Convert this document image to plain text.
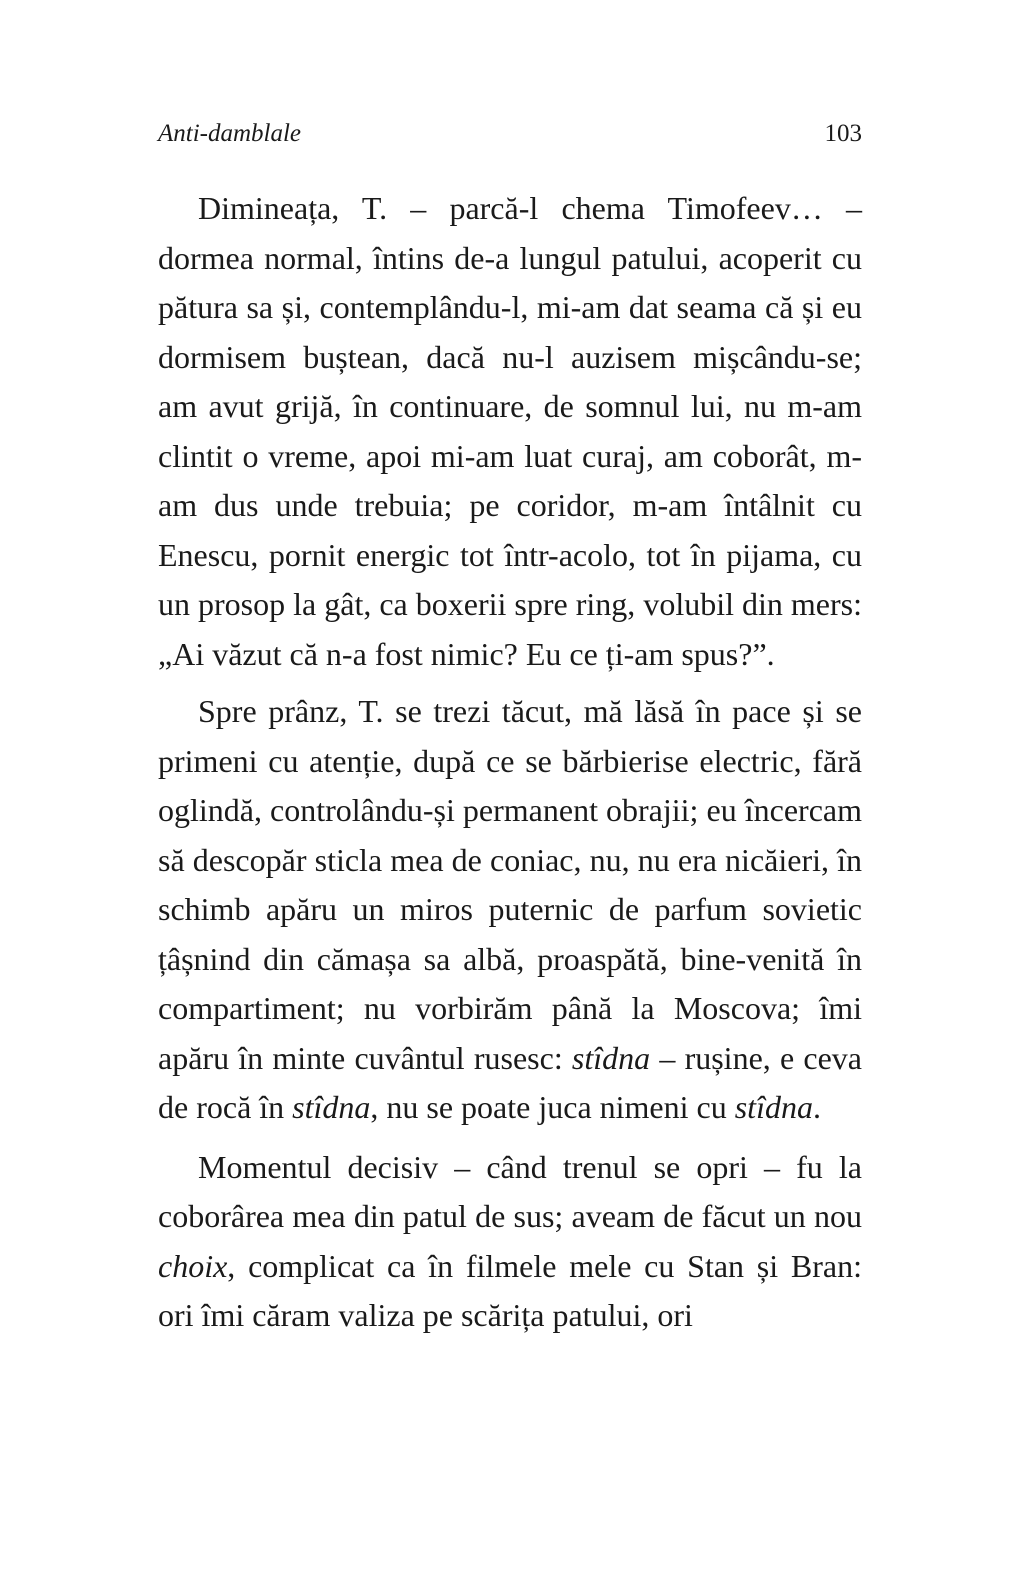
Anti-damblale	103

Dimineața, T. – parcă-l chema Timofeev… – dormea normal, întins de-a lungul patului, acoperit cu pătura sa și, contemplându-l, mi-am dat seama că și eu dormisem buștean, dacă nu-l auzisem mișcându-se; am avut grijă, în continuare, de somnul lui, nu m-am clintit o vreme, apoi mi-am luat curaj, am coborât, m-am dus unde trebuia; pe coridor, m-am întâlnit cu Enescu, pornit energic tot într-acolo, tot în pijama, cu un prosop la gât, ca boxerii spre ring, volubil din mers: „Ai văzut că n-a fost nimic? Eu ce ți-am spus?”.

Spre prânz, T. se trezi tăcut, mă lăsă în pace și se primeni cu atenție, după ce se bărbierise electric, fără oglindă, controlându-și permanent obrajii; eu încercam să descopăr sticla mea de coniac, nu, nu era nicăieri, în schimb apăru un miros puternic de parfum sovietic țâșnind din cămașa sa albă, proaspătă, bine-venită în compartiment; nu vorbirăm până la Moscova; îmi apăru în minte cuvântul rusesc: stîdna – rușine, e ceva de rocă în stîdna, nu se poate juca nimeni cu stîdna.

Momentul decisiv – când trenul se opri – fu la coborârea mea din patul de sus; aveam de făcut un nou choix, complicat ca în filmele mele cu Stan și Bran: ori îmi căram valiza pe scărița patului, ori
